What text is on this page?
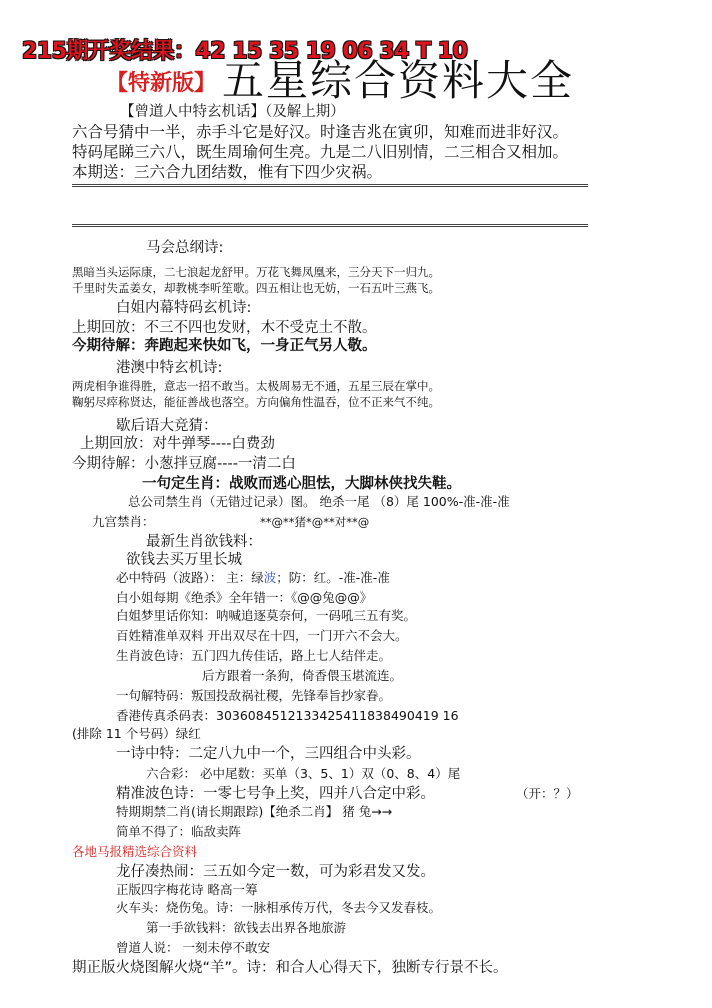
215期开奖结果：42 15 35 19 06 34 T 10
【特新版】 五星综合资料大全
【曾道人中特玄机话】（及解上期）
六合号猜中一半，赤手斗它是好汉。时逢吉兆在寅卯，知难而进非好汉。
特码尾睇三六八，既生周瑜何生亮。九是二八旧别情，二三相合又相加。
本期送：三六合九团结数，惟有下四少灾祸。
马会总纲诗:
黑暗当头运际康，二七浪起龙舒甲。万花飞舞凤凰来，三分天下一归九。
千里时失孟姜女，却教桃李听笙歌。四五相让也无妨，一石五叶三燕飞。
白姐内幕特码玄机诗:
上期回放：不三不四也发财，木不受克土不散。
今期待解：奔跑起来快如飞，一身正气另人敬。
港澳中特玄机诗:
两虎相争谁得胜，意志一招不敢当。太极周易无不通，五星三辰在掌中。
鞠躬尽瘁称贤达，能征善战也落空。方向偏角性温吞，位不正来气不纯。
歇后语大竞猜：
上期回放：对牛弹琴----白费劲
今期待解：小葱拌豆腐----一清二白
一句定生肖：战败而逃心胆怯，大脚林侠找失鞋。
总公司禁生肖（无错过记录）图。 绝杀一尾 （8）尾 100%-准-准-准
九宫禁肖：	**@**猪*@**对**@
最新生肖欲钱料：
欲钱去买万里长城
必中特码（波路）： 主：绿波；防：红。-准-准-准
白小姐每期《绝杀》全年错一：《@@兔@@》
白姐梦里话你知：呐喊追逐莫奈何，一码吼三五有奖。
百姓精准单双料 开出双尽在十四，一门开六不会大。
生肖波色诗：五门四九传佳话，路上七人结伴走。
后方跟着一条狗，倚香偎玉堪流连。
一句解特码：叛国投敌祸社稷，先锋奉旨抄家眷。
香港传真杀码表：3036084512133425411838490419 16
(排除 11 个号码）绿红
一诗中特：二定八九中一个，三四组合中头彩。
六合彩： 必中尾数：买单（3、5、1）双（0、8、4）尾
精准波色诗：一零七号争上奖，四并八合定中彩。	（开：？）
特期期禁二肖(请长期跟踪)【绝杀二肖】 猪 兔→→
简单不得了：临敌卖阵
各地马报精选综合资料
龙仔凑热闹：三五如今定一数，可为彩君发又发。
正版四字梅花诗 略高一筹
火车头：烧伤兔。诗：一脉相承传万代，冬去今又发春枝。
第一手欲钱料：欲钱去出界各地旅游
曾道人说： 一刻未停不敢安
期正版火烧图解火烧“羊”。诗：和合人心得天下，独断专行景不长。
